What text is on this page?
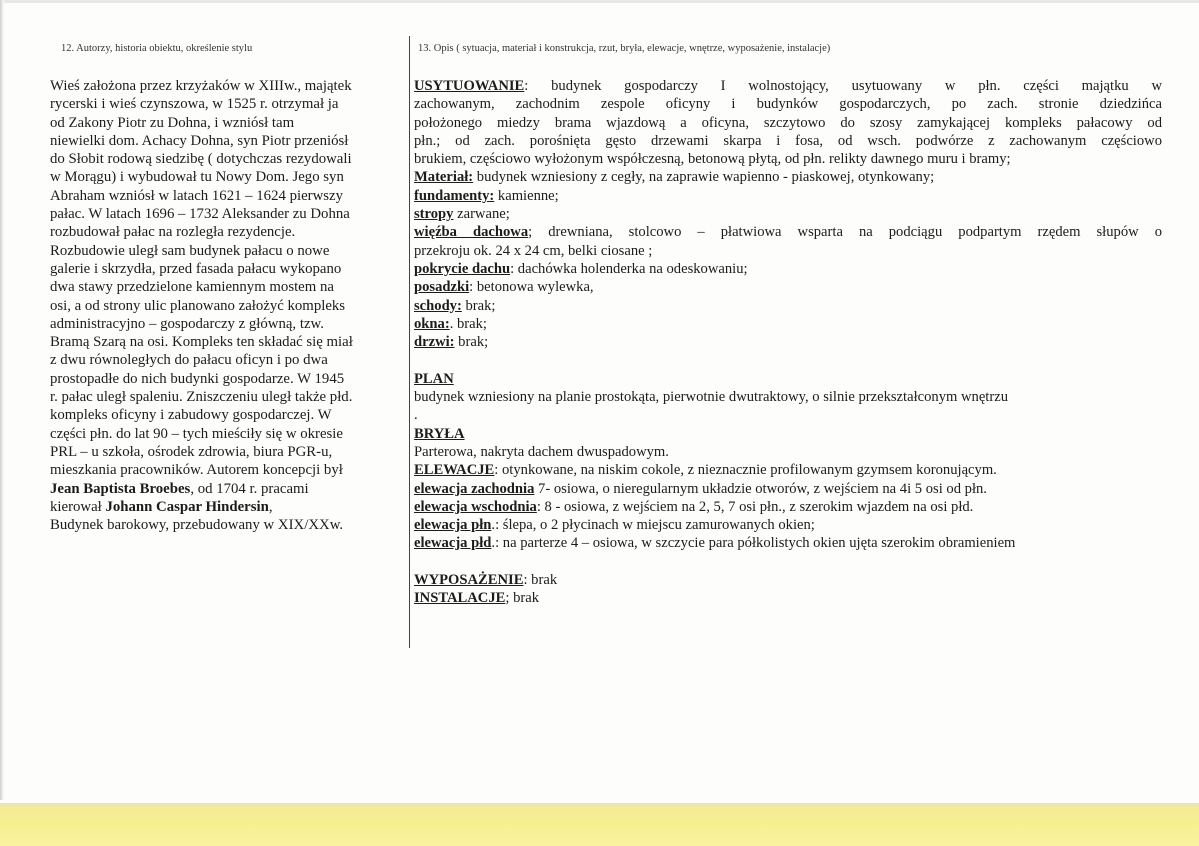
12. Autorzy, historia obiektu, określenie stylu	13. Opis ( sytuacja, materiał i konstrukcja, rzut, bryła, elewacje, wnętrze, wyposażenie, instalacje)

Wieś założona przez krzyżaków w XIIIw., majątek

rycerski i wieś czynszowa, w 1525 r. otrzymał ja

od Zakony Piotr zu Dohna, i wzniósł tam

niewielki dom. Achacy Dohna, syn Piotr przeniósł

do Słobit rodową siedzibę ( dotychczas rezydowali

w Morągu) i wybudował tu Nowy Dom. Jego syn

Abraham wzniósł w latach 1621 – 1624 pierwszy

pałac. W latach 1696 – 1732 Aleksander zu Dohna

rozbudował pałac na rozległa rezydencje.

Rozbudowie uległ sam budynek pałacu o nowe

galerie i skrzydła, przed fasada pałacu wykopano

dwa stawy przedzielone kamiennym mostem na

osi, a od strony ulic planowano założyć kompleks

administracyjno – gospodarczy z główną, tzw.

Bramą Szarą na osi. Kompleks ten składać się miał

z dwu równoległych do pałacu oficyn i po dwa

prostopadłe do nich budynki gospodarze. W 1945

r. pałac uległ spaleniu. Zniszczeniu uległ także płd.

kompleks oficyny i zabudowy gospodarczej. W

części płn. do lat 90 – tych mieściły się w okresie

PRL – u szkoła, ośrodek zdrowia, biura PGR-u,

mieszkania pracowników. Autorem koncepcji był

Jean Baptista Broebes, od 1704 r. pracami

kierował Johann Caspar Hindersin,

Budynek barokowy, przebudowany w XIX/XXw.

USYTUOWANIE: budynek gospodarczy I wolnostojący, usytuowany w płn. części majątku w

zachowanym, zachodnim zespole oficyny i budynków gospodarczych, po zach. stronie dziedzińca

położonego miedzy brama wjazdową a oficyna, szczytowo do szosy zamykającej kompleks pałacowy od

płn.; od zach. porośnięta gęsto drzewami skarpa i fosa, od wsch. podwórze z zachowanym częściowo

brukiem, częściowo wyłożonym współczesną, betonową płytą, od płn. relikty dawnego muru i bramy;

Materiał: budynek wzniesiony z cegły, na zaprawie wapienno - piaskowej, otynkowany;

fundamenty: kamienne;

stropy zarwane;

więźba dachowa; drewniana, stolcowo – płatwiowa wsparta na podciągu podpartym rzędem słupów o

przekroju ok. 24 x 24 cm, belki ciosane ;

pokrycie dachu: dachówka holenderka na odeskowaniu;

posadzki: betonowa wylewka,

schody: brak;

okna:. brak;

drzwi: brak;

PLAN

budynek wzniesiony na planie prostokąta, pierwotnie dwutraktowy, o silnie przekształconym wnętrzu

.

BRYŁA

Parterowa, nakryta dachem dwuspadowym.

ELEWACJE: otynkowane, na niskim cokole, z nieznacznie profilowanym gzymsem koronującym.

elewacja zachodnia 7- osiowa, o nieregularnym układzie otworów, z wejściem na 4i 5 osi od płn.

elewacja wschodnia: 8 - osiowa, z wejściem na 2, 5, 7 osi płn., z szerokim wjazdem na osi płd.

elewacja płn.: ślepa, o 2 płycinach w miejscu zamurowanych okien;

elewacja płd.: na parterze 4 – osiowa, w szczycie para półkolistych okien ujęta szerokim obramieniem

WYPOSAŻENIE: brak

INSTALACJE; brak
